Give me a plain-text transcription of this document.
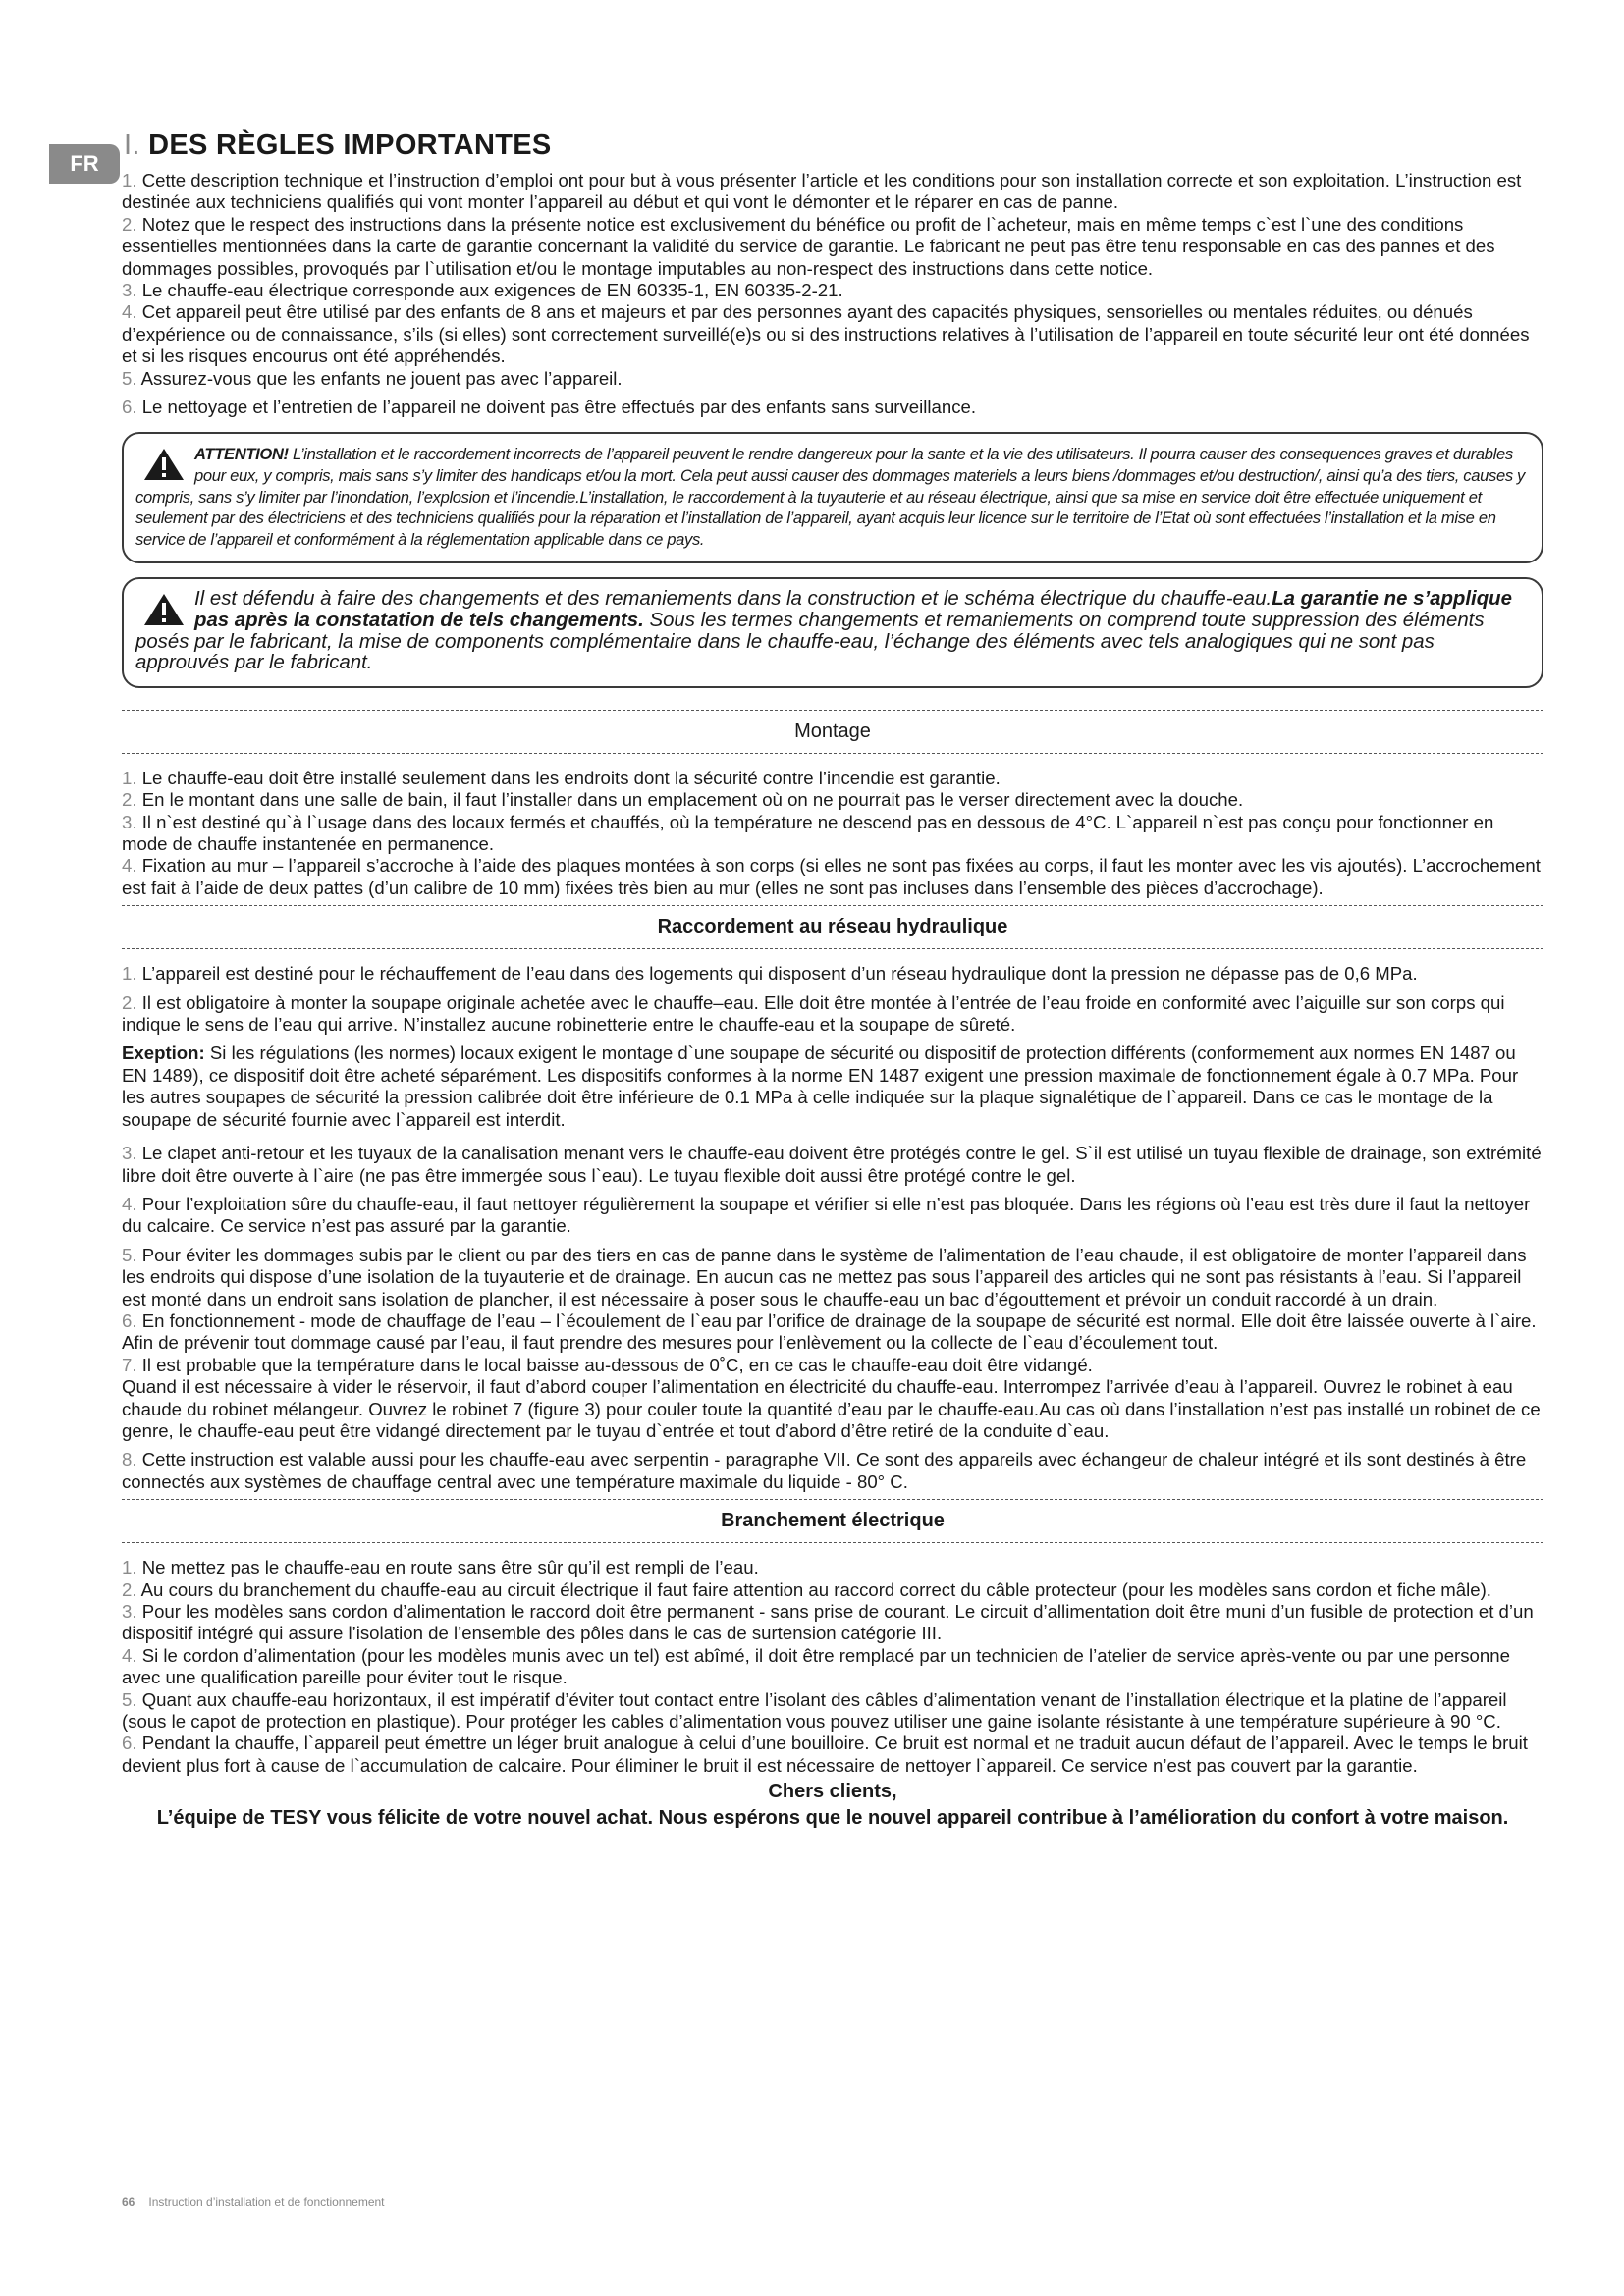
FR
I. DES RÈGLES IMPORTANTES

1. Cette description technique et l’instruction d’emploi ont pour but à vous présenter l’article et les conditions pour son installation correcte et son exploitation. L’instruction est destinée aux techniciens qualifiés qui vont monter l’appareil au début et qui vont le démonter et le réparer en cas de panne.

2. Notez que le respect des instructions dans la présente notice est exclusivement du bénéfice ou profit de l`acheteur, mais en même temps c`est l`une des conditions essentielles mentionnées dans la carte de garantie concernant la validité du service de garantie. Le fabricant ne peut pas être tenu responsable en cas des pannes et des dommages possibles, provoqués par l`utilisation et/ou le montage imputables au non-respect des instructions dans cette notice.

3. Le chauffe-eau électrique corresponde aux exigences de EN 60335-1, EN 60335-2-21.

4. Cet appareil peut être utilisé par des enfants de 8 ans et majeurs et par des personnes ayant des capacités physiques, sensorielles ou mentales réduites, ou dénués d’expérience ou de connaissance, s’ils (si elles) sont correctement surveillé(e)s ou si des instructions relatives à l’utilisation de l’appareil en toute sécurité leur ont été données et si les risques encourus ont été appréhendés.

5. Assurez-vous que les enfants ne jouent pas avec l’appareil.

6. Le nettoyage et l’entretien de l’appareil ne doivent pas être effectués par des enfants sans surveillance.

ATTENTION! L’installation et le raccordement incorrects de l’appareil peuvent le rendre dangereux pour la sante et la vie des utilisateurs. Il pourra causer des consequences graves et durables pour eux, y compris, mais sans s’y limiter des handicaps et/ou la mort. Cela peut aussi causer des dommages materiels a leurs biens /dommages et/ou destruction/, ainsi qu’a des tiers, causes y compris, sans s’y limiter par l’inondation, l’explosion et l’incendie.L’installation, le raccordement à la tuyauterie et au réseau électrique, ainsi que sa mise en service doit être effectuée uniquement et seulement par des électriciens et des techniciens qualifiés pour la réparation et l’installation de l’appareil, ayant acquis leur licence sur le territoire de l’Etat où sont effectuées l’installation et la mise en service de l’appareil et conformément à la réglementation applicable dans ce pays.
Il est défendu à faire des changements et des remaniements dans la construction et le schéma électrique du chauffe-eau.La garantie ne s’applique pas après la constatation de tels changements. Sous les termes changements et remaniements on comprend toute suppression des éléments posés par le fabricant, la mise de components complémentaire dans le chauffe-eau, l’échange des éléments avec tels analogiques qui ne sont pas approuvés par le fabricant.
Montage

1. Le chauffe-eau doit être installé seulement dans les endroits dont la sécurité contre l’incendie est garantie.

2. En le montant dans une salle de bain, il faut l’installer dans un emplacement où on ne pourrait pas le verser directement avec la douche.

3. Il n`est destiné qu`à l`usage dans des locaux fermés et chauffés, où la température ne descend pas en dessous de 4°C. L`appareil n`est pas conçu pour fonctionner en mode de chauffe instantenée en permanence.

4. Fixation au mur – l’appareil s’accroche à l’aide des plaques montées à son corps (si elles ne sont pas fixées au corps, il faut les monter avec les vis ajoutés). L’accrochement est fait à l’aide de deux pattes (d’un calibre de 10 mm) fixées très bien au mur (elles ne sont pas incluses dans l’ensemble des pièces d’accrochage).

Raccordement au réseau hydraulique

1. L’appareil est destiné pour le réchauffement de l’eau dans des logements qui disposent d’un réseau hydraulique dont la pression ne dépasse pas de 0,6 MPa.

2. Il est obligatoire à monter la soupape originale achetée avec le chauffe–eau. Elle doit être montée à l’entrée de l’eau froide en conformité avec l’aiguille sur son corps qui indique le sens de l’eau qui arrive. N’installez aucune robinetterie entre le chauffe-eau et la soupape de sûreté.

Exeption: Si les régulations (les normes) locaux exigent le montage d`une soupape de sécurité ou dispositif de protection différents (conformement aux normes EN 1487 ou EN 1489), ce dispositif doit être acheté séparément. Les dispositifs conformes à la norme EN 1487 exigent une pression maximale de fonctionnement égale à 0.7 MPa. Pour les autres soupapes de sécurité la pression calibrée doit être inférieure de 0.1 MPa à celle indiquée sur la plaque signalétique de l`appareil. Dans ce cas le montage de la soupape de sécurité fournie avec l`appareil est interdit.

3. Le clapet anti-retour et les tuyaux de la canalisation menant vers le chauffe-eau doivent être protégés contre le gel. S`il est utilisé un tuyau flexible de drainage, son extrémité libre doit être ouverte à l`aire (ne pas être immergée sous l`eau). Le tuyau flexible doit aussi être protégé contre le gel.

4. Pour l’exploitation sûre du chauffe-eau, il faut nettoyer régulièrement la soupape et vérifier si elle n’est pas bloquée. Dans les régions où l’eau est très dure il faut la nettoyer du calcaire. Ce service n’est pas assuré par la garantie.

5. Pour éviter les dommages subis par le client ou par des tiers en cas de panne dans le système de l’alimentation de l’eau chaude, il est obligatoire de monter l’appareil dans les endroits qui dispose d’une isolation de la tuyauterie et de drainage. En aucun cas ne mettez pas sous l’appareil des articles qui ne sont pas résistants à l’eau. Si l’appareil est monté dans un endroit sans isolation de plancher, il est nécessaire à poser sous le chauffe-eau un bac d’égouttement et prévoir un conduit raccordé à un drain.

6. En fonctionnement - mode de chauffage de l’eau – l`écoulement de l`eau par l’orifice de drainage de la soupape de sécurité est normal. Elle doit être laissée ouverte à l`aire. Afin de prévenir tout dommage causé par l’eau, il faut prendre des mesures pour l’enlèvement ou la collecte de l`eau d’écoulement tout.

7. Il est probable que la température dans le local baisse au-dessous de 0˚C, en ce cas le chauffe-eau doit être vidangé.

Quand il est nécessaire à vider le réservoir, il faut d’abord couper l’alimentation en électricité du chauffe-eau. Interrompez l’arrivée d’eau à l’appareil. Ouvrez le robinet à eau chaude du robinet mélangeur. Ouvrez le robinet 7 (figure 3) pour couler toute la quantité d’eau par le chauffe-eau.Au cas où dans l’installation n’est pas installé un robinet de ce genre, le chauffe-eau peut être vidangé directement par le tuyau d`entrée et tout d’abord d’être retiré de la conduite d`eau.

8. Cette instruction est valable aussi pour les chauffe-eau avec serpentin - paragraphe VII. Ce sont des appareils avec échangeur de chaleur intégré et ils sont destinés à être connectés aux systèmes de chauffage central avec une température maximale du liquide - 80° C.

Branchement électrique

1. Ne mettez pas le chauffe-eau en route sans être sûr qu’il est rempli de l’eau.

2. Au cours du branchement du chauffe-eau au circuit électrique il faut faire attention au raccord correct du câble protecteur (pour les modèles sans cordon et fiche mâle).

3. Pour les modèles sans cordon d’alimentation le raccord doit être permanent - sans prise de courant. Le circuit d’allimentation doit être muni d’un fusible de protection et d’un dispositif intégré qui assure l’isolation de l’ensemble des pôles dans le cas de surtension catégorie III.

4. Si le cordon d’alimentation (pour les modèles munis avec un tel) est abîmé, il doit être remplacé par un technicien de l’atelier de service après-vente ou par une personne avec une qualification pareille pour éviter tout le risque.

5. Quant aux chauffe-eau horizontaux, il est impératif d’éviter tout contact entre l’isolant des câbles d’alimentation venant de l’installation électrique et la platine de l’appareil (sous le capot de protection en plastique). Pour protéger les cables d’alimentation vous pouvez utiliser une gaine isolante résistante à une température supérieure à 90 °C.

6. Pendant la chauffe, l`appareil peut émettre un léger bruit analogue à celui d’une bouilloire. Ce bruit est normal et ne traduit aucun défaut de l’appareil. Avec le temps le bruit devient plus fort à cause de l`accumulation de calcaire. Pour éliminer le bruit il est nécessaire de nettoyer l`appareil. Ce service n’est pas couvert par la garantie.

Chers clients,
L’équipe de TESY vous félicite de votre nouvel achat. Nous espérons que le nouvel appareil contribue à l’amélioration du confort à votre maison.
66 Instruction d’installation et de fonctionnement
